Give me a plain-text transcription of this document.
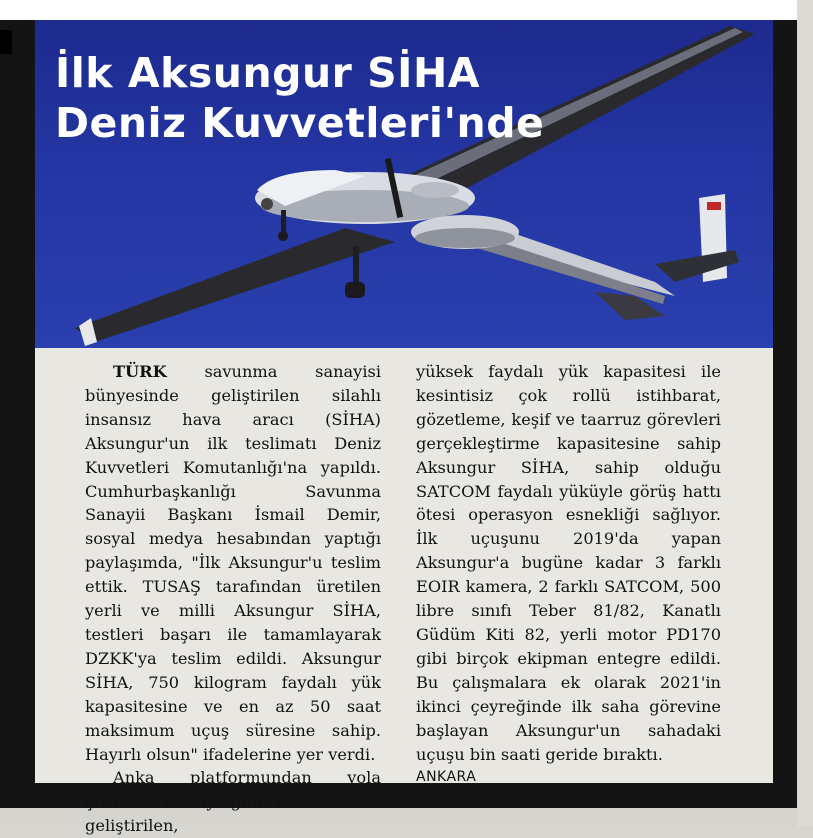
İlk Aksungur SİHA
Deniz Kuvvetleri'nde

TÜRK savunma sanayisi bünyesinde geliştirilen silahlı insansız hava aracı (SİHA) Aksungur'un ilk teslimatı Deniz Kuvvetleri Komutanlığı'na yapıldı. Cumhurbaşkanlığı Savunma Sanayii Başkanı İsmail Demir, sosyal medya hesabından yaptığı paylaşımda, "İlk Aksungur'u teslim ettik. TUSAŞ tarafından üretilen yerli ve milli Aksungur SİHA, testleri başarı ile tamamlayarak DZKK'ya teslim edildi. Aksungur SİHA, 750 kilogram faydalı yük kapasitesine ve en az 50 saat maksimum uçuş süresine sahip. Hayırlı olsun" ifadelerine yer verdi.

Anka platformundan yola çıkarak 18 ay gibi kısa sürede geliştirilen,

yüksek faydalı yük kapasitesi ile kesintisiz çok rollü istihbarat, gözetleme, keşif ve taarruz görevleri gerçekleştirme kapasitesine sahip Aksungur SİHA, sahip olduğu SATCOM faydalı yüküyle görüş hattı ötesi operasyon esnekliği sağlıyor. İlk uçuşunu 2019'da yapan Aksungur'a bugüne kadar 3 farklı EOIR kamera, 2 farklı SATCOM, 500 libre sınıfı Teber 81/82, Kanatlı Güdüm Kiti 82, yerli motor PD170 gibi birçok ekipman entegre edildi. Bu çalışmalara ek olarak 2021'in ikinci çeyreğinde ilk saha görevine başlayan Aksungur'un sahadaki uçuşu bin saati geride bıraktı.

ANKARA
